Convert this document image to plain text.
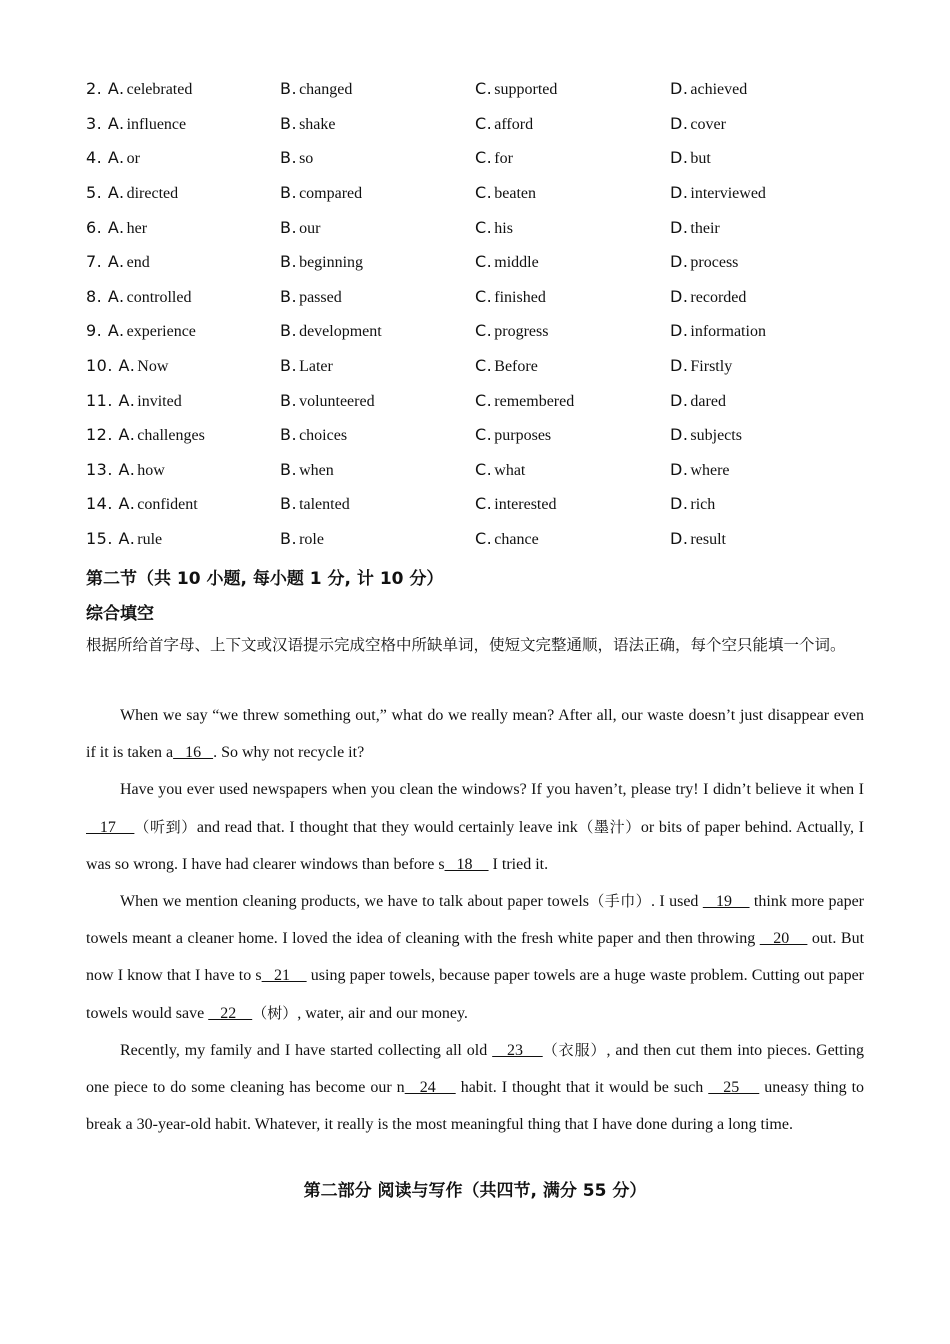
2. A. celebrated	B. changed	C. supported	D. achieved
3. A. influence	B. shake	C. afford	D. cover
4. A. or	B. so	C. for	D. but
5. A. directed	B. compared	C. beaten	D. interviewed
6. A. her	B. our	C. his	D. their
7. A. end	B. beginning	C. middle	D. process
8. A. controlled	B. passed	C. finished	D. recorded
9. A. experience	B. development	C. progress	D. information
10. A. Now	B. Later	C. Before	D. Firstly
11. A. invited	B. volunteered	C. remembered	D. dared
12. A. challenges	B. choices	C. purposes	D. subjects
13. A. how	B. when	C. what	D. where
14. A. confident	B. talented	C. interested	D. rich
15. A. rule	B. role	C. chance	D. result
第二节（共 10 小题, 每小题 1 分, 计 10 分）
综合填空
根据所给首字母、上下文或汉语提示完成空格中所缺单词，使短文完整通顺，语法正确，每个空只能填一个词。

When we say “we threw something out,” what do we really mean? After all, our waste doesn’t just disappear even if it is taken a   16   . So why not recycle it?

Have you ever used newspapers when you clean the windows? If you haven’t, please try! I didn’t believe it when I    17    （听到）and read that. I thought that they would certainly leave ink（墨汁）or bits of paper behind. Actually, I was so wrong. I have had clearer windows than before s   18     I tried it.

When we mention cleaning products, we have to talk about paper towels（手巾）. I used    19     think more paper towels meant a cleaner home. I loved the idea of cleaning with the fresh white paper and then throwing    20     out. But now I know that I have to s   21     using paper towels, because paper towels are a huge waste problem. Cutting out paper towels would save    22    （树）, water, air and our money.

Recently, my family and I have started collecting all old    23    （衣服）, and then cut them into pieces. Getting one piece to do some cleaning has become our n   24     habit. I thought that it would be such    25     uneasy thing to break a 30-year-old habit. Whatever, it really is the most meaningful thing that I have done during a long time.

第二部分 阅读与写作（共四节, 满分 55 分）
